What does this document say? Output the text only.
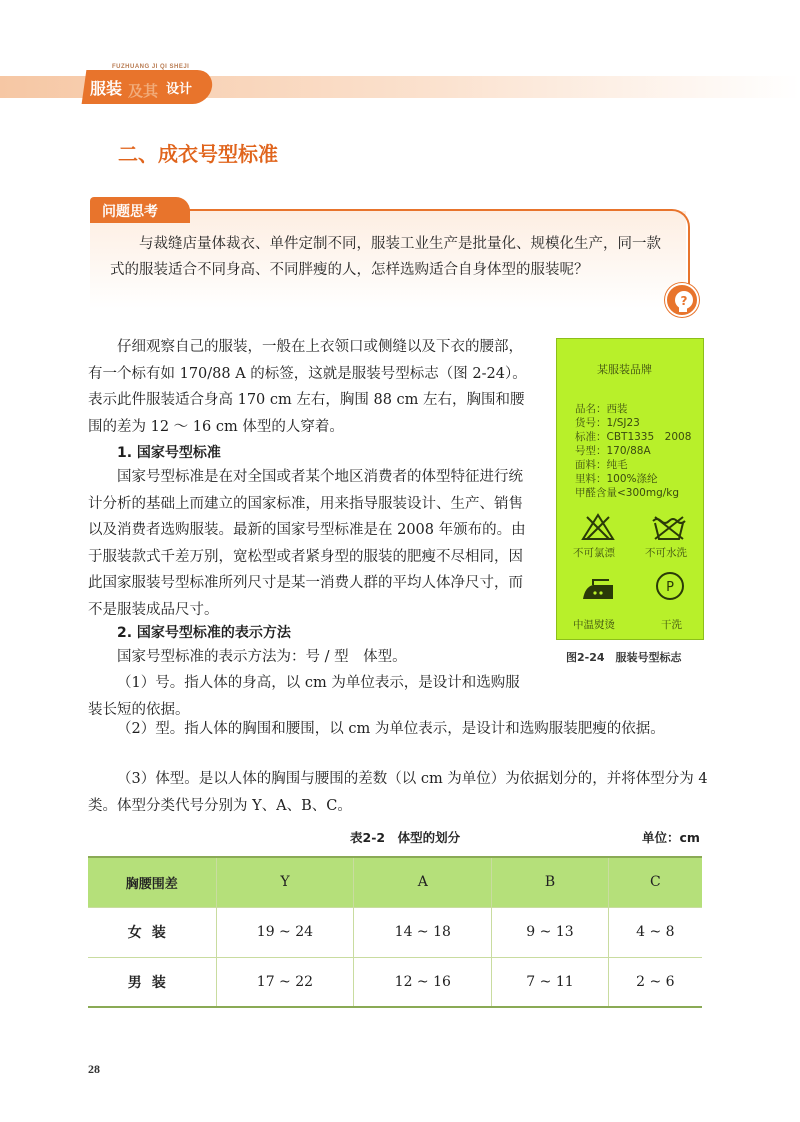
FUZHUANG JI QI SHEJI
服装 及其 设计
二、成衣号型标准
问题思考

与裁缝店量体裁衣、单件定制不同，服装工业生产是批量化、规模化生产，同一款式的服装适合不同身高、不同胖瘦的人，怎样选购适合自身体型的服装呢？

?

仔细观察自己的服装，一般在上衣领口或侧缝以及下衣的腰部，有一个标有如 170/88 A 的标签，这就是服装号型标志（图 2-24）。表示此件服装适合身高 170 cm 左右，胸围 88 cm 左右，胸围和腰围的差为 12 ～ 16 cm 体型的人穿着。

1. 国家号型标准

国家号型标准是在对全国或者某个地区消费者的体型特征进行统计分析的基础上而建立的国家标准，用来指导服装设计、生产、销售以及消费者选购服装。最新的国家号型标准是在 2008 年颁布的。由于服装款式千差万别，宽松型或者紧身型的服装的肥瘦不尽相同，因此国家服装号型标准所列尺寸是某一消费人群的平均人体净尺寸，而不是服装成品尺寸。

2. 国家号型标准的表示方法

国家号型标准的表示方法为：号 / 型　体型。

（1）号。指人体的身高，以 cm 为单位表示，是设计和选购服装长短的依据。

（2）型。指人体的胸围和腰围，以 cm 为单位表示，是设计和选购服装肥瘦的依据。

（3）体型。是以人体的胸围与腰围的差数（以 cm 为单位）为依据划分的，并将体型分为 4 类。体型分类代号分别为 Y、A、B、C。

某服装品牌
品名：西装
货号：1/SJ23
标准：CBT1335　2008
号型：170/88A
面料：纯毛
里料：100%涤纶
甲醛含量<300mg/kg
不可氯漂	不可水洗
中温熨烫
P
干洗
图2-24　服装号型标志
表2-2　体型的划分	单位：cm
胸腰围差	Y	A	B	C
女装	19 ~ 24	14 ~ 18	9 ~ 13	4 ~ 8
男装	17 ~ 22	12 ~ 16	7 ~ 11	2 ~ 6
28
